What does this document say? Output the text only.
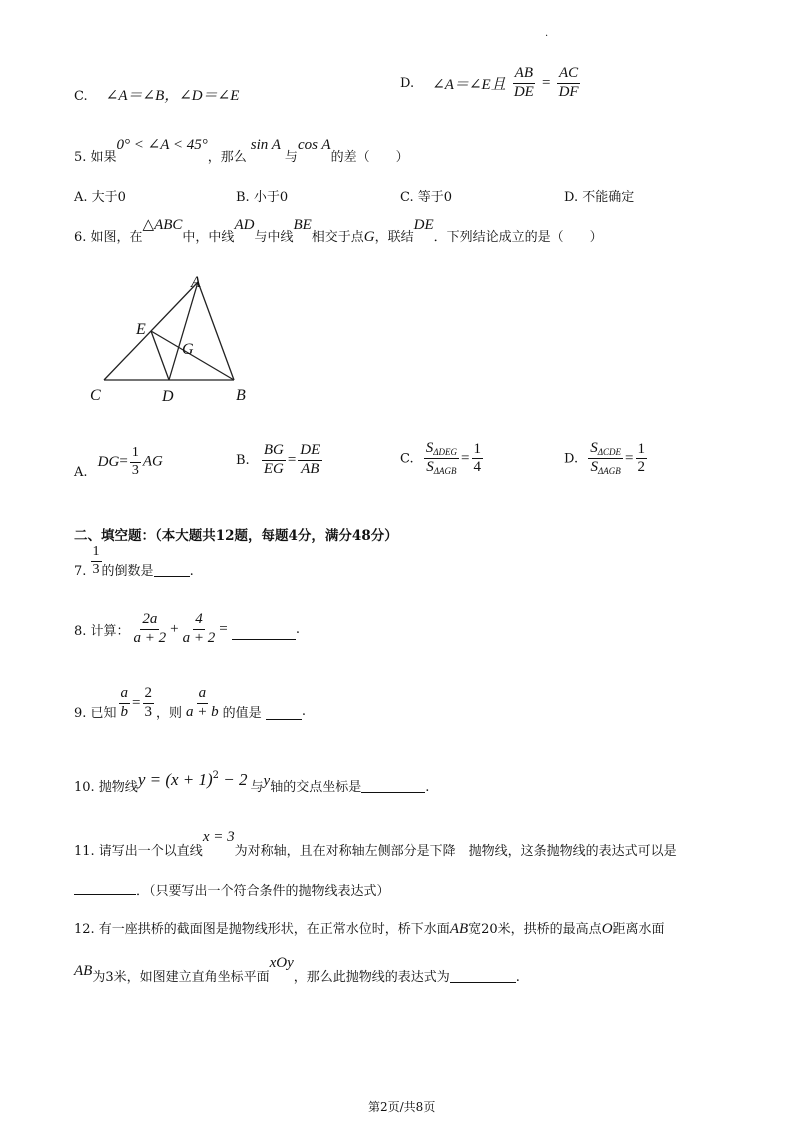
.
C. ∠A＝∠B，∠D＝∠E
D. ∠A＝∠E且 $\frac{AB}{DE} = \frac{AC}{DF}$
5. 如果0° < ∠A < 45°，那么sin A与cos A的差（　　）
A. 大于0	B. 小于0	C. 等于0	D. 不能确定
6. 如图，在△ABC中，中线AD与中线BE相交于点G，联结DE．下列结论成立的是（　　）
A
E
G
C	D	B
A. $DG= \frac{1}{3}$ AG	B. $\frac{BG}{EG} = \frac{DE}{AB}$	C. $\frac{S_{\Delta DEG}}{S_{\Delta AGB}} = \frac{1}{4}$	D. $\frac{S_{\Delta CDE}}{S_{\Delta AGB}} = \frac{1}{2}$
二、填空题：（本大题共12题，每题4分，满分48分）
7. $\frac{1}{3}$ 的倒数是	.
8. 计算： $\frac{2a}{a + 2} + \frac{4}{a + 2}$ =	.
9. 已知 $\frac{a}{b} = \frac{2}{3}$ ，则 $\frac{a}{a + b}$ 的值是	.
10. 抛物线$y = (x + 1)^2 - 2$ 与y轴的交点坐标是	.
11. 请写出一个以直线x = 3为对称轴，且在对称轴左侧部分是下降　抛物线，这条抛物线的表达式可以是
．（只要写出一个符合条件的抛物线表达式）
12. 有一座拱桥的截面图是抛物线形状，在正常水位时，桥下水面AB宽20米，拱桥的最高点O距离水面
AB为3米，如图建立直角坐标平面xOy，那么此抛物线的表达式为	.
第2页/共8页
